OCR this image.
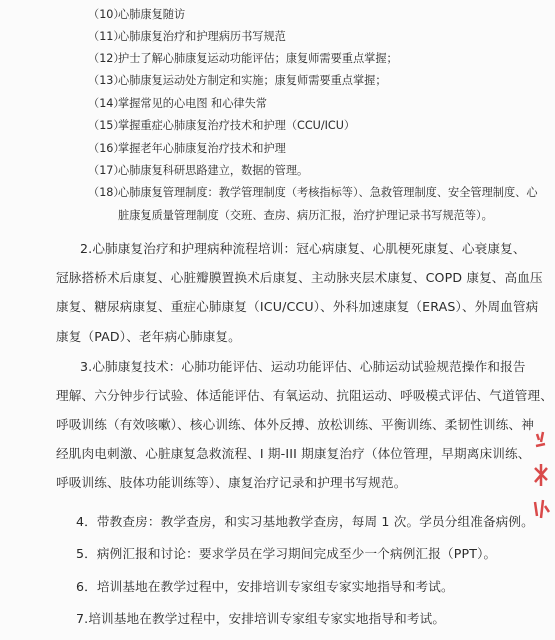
（10）心肺康复随访
（11）心肺康复治疗和护理病历书写规范
（12）护士了解心肺康复运动功能评估；康复师需要重点掌握；
（13）心肺康复运动处方制定和实施；康复师需要重点掌握；
（14）掌握常见的心电图 和心律失常
（15）掌握重症心肺康复治疗技术和护理（CCU/ICU）
（16）掌握老年心肺康复治疗技术和护理
（17）心肺康复科研思路建立，数据的管理。
（18）心肺康复管理制度：教学管理制度（考核指标等）、急救管理制度、安全管理制度、心
脏康复质量管理制度（交班、查房、病历汇报，治疗护理记录书写规范等）。
2.心肺康复治疗和护理病种流程培训：冠心病康复、心肌梗死康复、心衰康复、
冠脉搭桥术后康复、心脏瓣膜置换术后康复、主动脉夹层术康复、COPD 康复、高血压
康复、糖尿病康复、重症心肺康复（ICU/CCU）、外科加速康复（ERAS）、外周血管病
康复（PAD）、老年病心肺康复。
3.心肺康复技术：心肺功能评估、运动功能评估、心肺运动试验规范操作和报告
理解、六分钟步行试验、体适能评估、有氧运动、抗阻运动、呼吸模式评估、气道管理、
呼吸训练（有效咳嗽）、核心训练、体外反搏、放松训练、平衡训练、柔韧性训练、神
经肌肉电刺激、心脏康复急救流程、I 期-III 期康复治疗（体位管理，早期离床训练、
呼吸训练、肢体功能训练等）、康复治疗记录和护理书写规范。
4．带教查房：教学查房，和实习基地教学查房，每周 1 次。学员分组准备病例。
5．病例汇报和讨论：要求学员在学习期间完成至少一个病例汇报（PPT）。
6．培训基地在教学过程中，安排培训专家组专家实地指导和考试。
7.培训基地在教学过程中，安排培训专家组专家实地指导和考试。
